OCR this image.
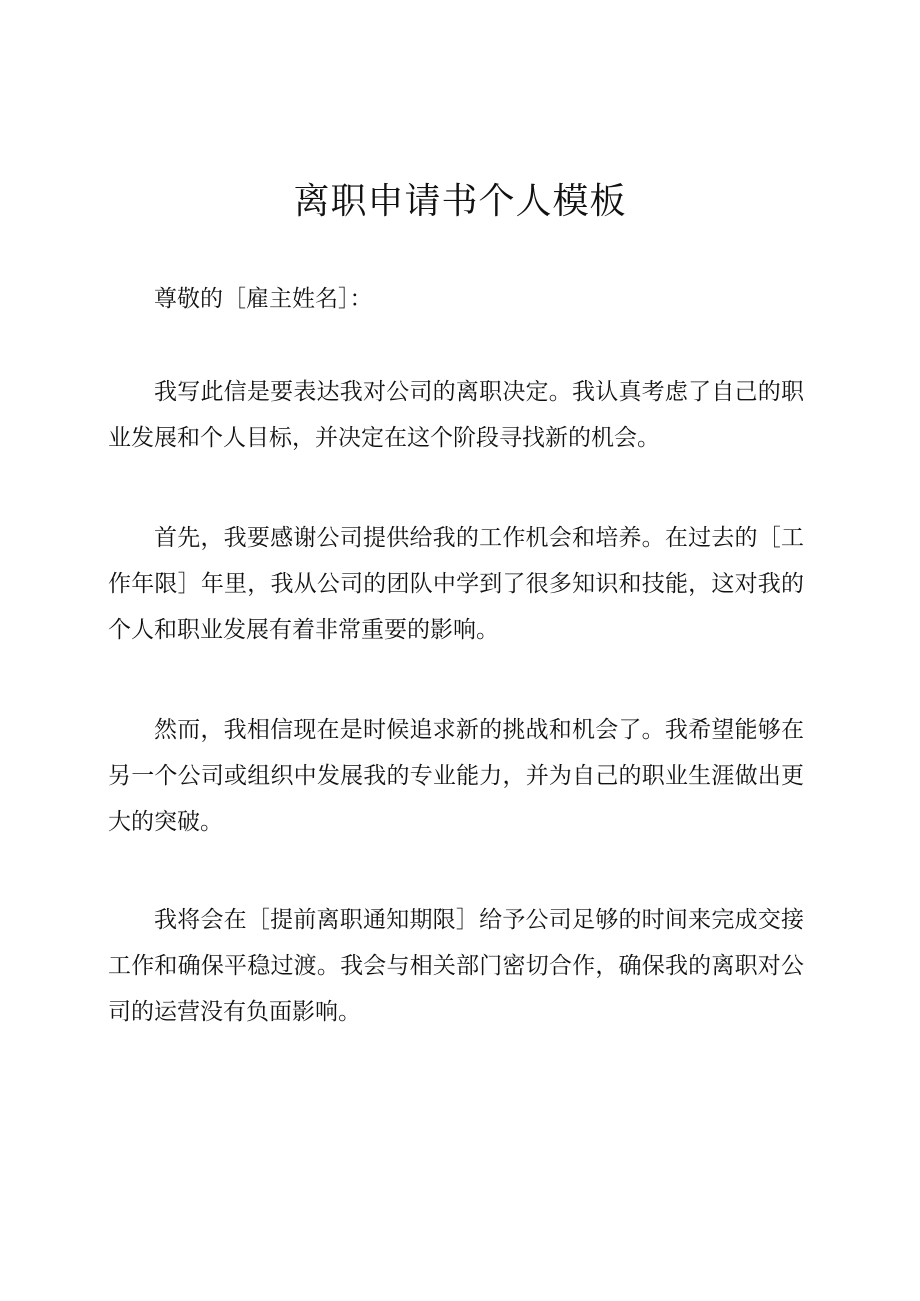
离职申请书个人模板

尊敬的［雇主姓名］：

我写此信是要表达我对公司的离职决定。我认真考虑了自己的职业发展和个人目标，并决定在这个阶段寻找新的机会。

首先，我要感谢公司提供给我的工作机会和培养。在过去的［工作年限］年里，我从公司的团队中学到了很多知识和技能，这对我的个人和职业发展有着非常重要的影响。

然而，我相信现在是时候追求新的挑战和机会了。我希望能够在另一个公司或组织中发展我的专业能力，并为自己的职业生涯做出更大的突破。

我将会在［提前离职通知期限］给予公司足够的时间来完成交接工作和确保平稳过渡。我会与相关部门密切合作，确保我的离职对公司的运营没有负面影响。
